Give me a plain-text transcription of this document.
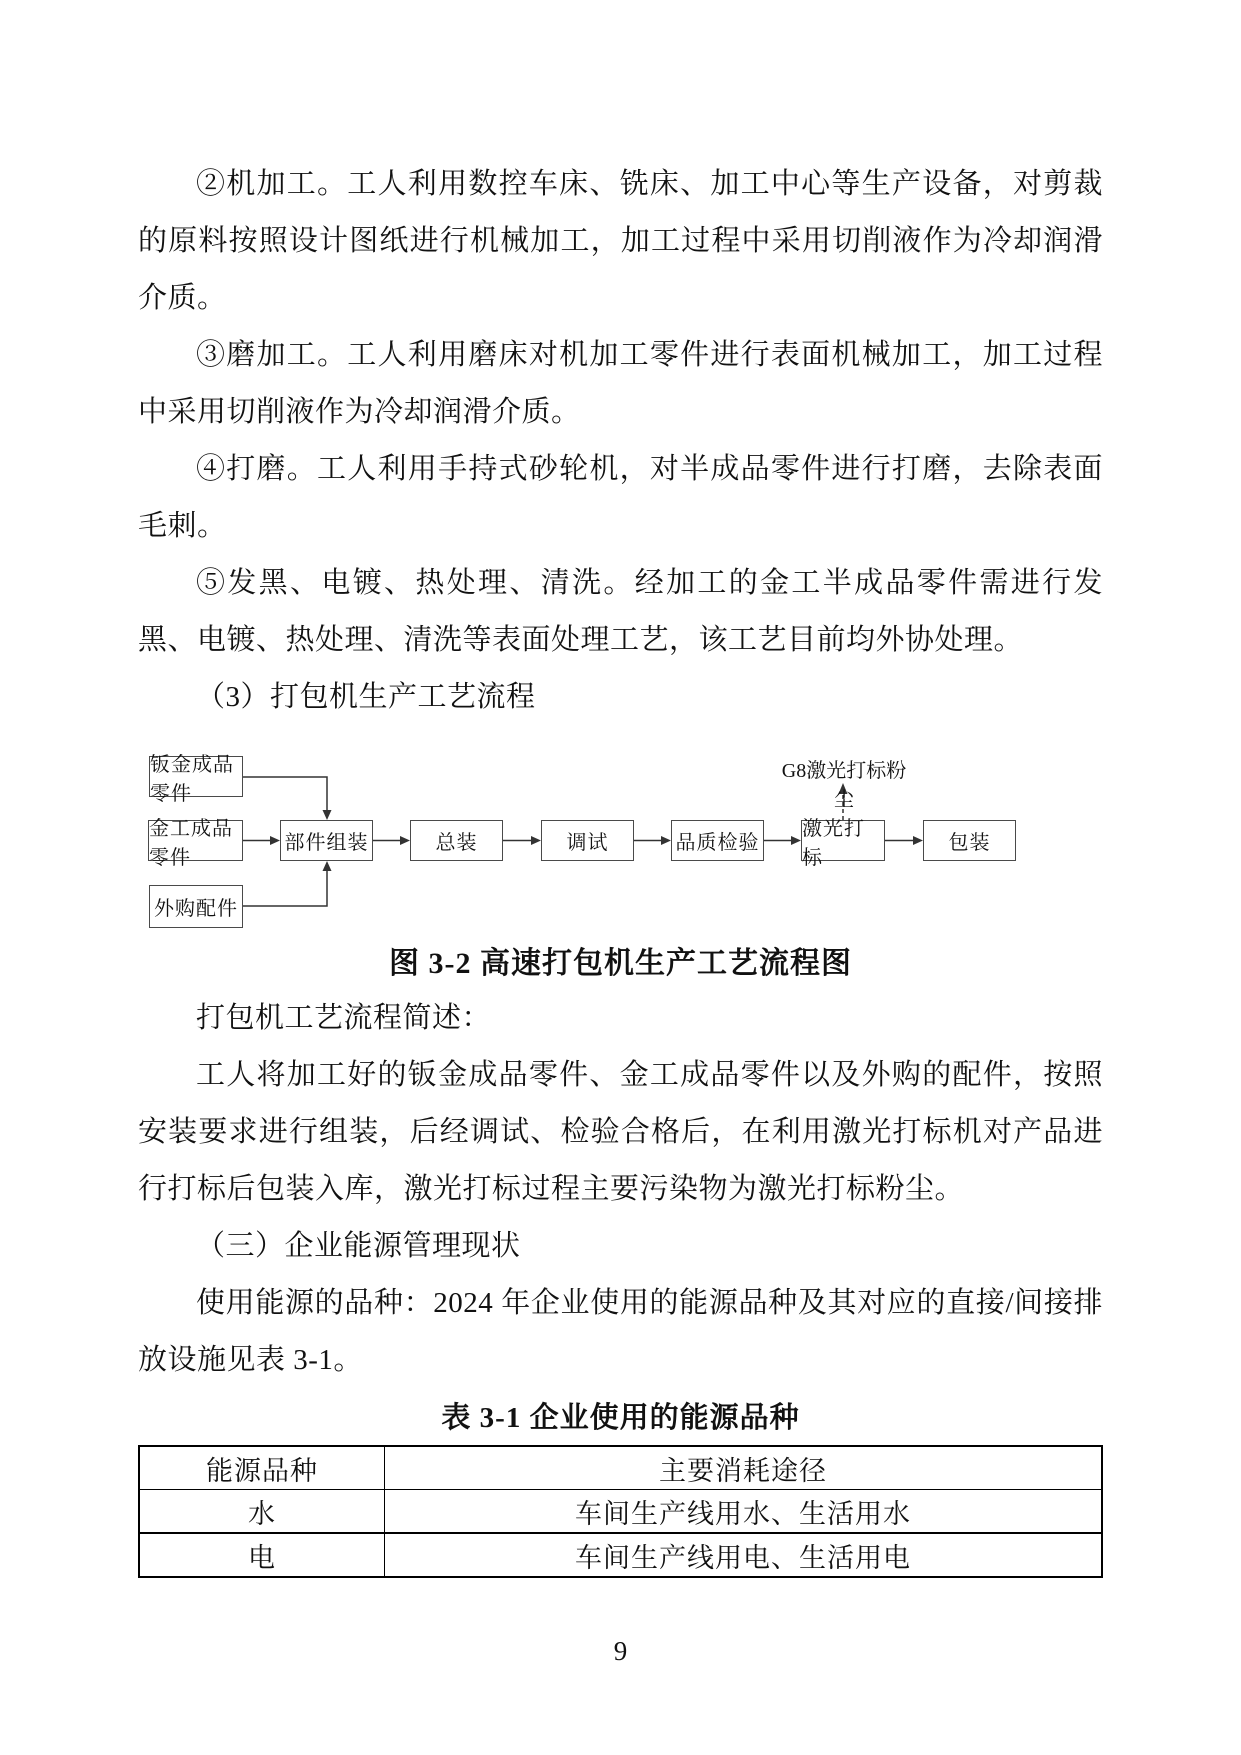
②机加工。工人利用数控车床、铣床、加工中心等生产设备，对剪裁的原料按照设计图纸进行机械加工，加工过程中采用切削液作为冷却润滑介质。

③磨加工。工人利用磨床对机加工零件进行表面机械加工，加工过程中采用切削液作为冷却润滑介质。

④打磨。工人利用手持式砂轮机，对半成品零件进行打磨，去除表面毛刺。

⑤发黑、电镀、热处理、清洗。经加工的金工半成品零件需进行发黑、电镀、热处理、清洗等表面处理工艺，该工艺目前均外协处理。

（3）打包机生产工艺流程

钣金成品零件
金工成品零件
外购配件
部件组装	总装	调试	品质检验
激光打标
包装
G8激光打标粉尘

图 3-2 高速打包机生产工艺流程图

打包机工艺流程简述：

工人将加工好的钣金成品零件、金工成品零件以及外购的配件，按照安装要求进行组装，后经调试、检验合格后，在利用激光打标机对产品进行打标后包装入库，激光打标过程主要污染物为激光打标粉尘。

（三）企业能源管理现状

使用能源的品种：2024 年企业使用的能源品种及其对应的直接/间接排放设施见表 3-1。

表 3-1 企业使用的能源品种

能源品种	主要消耗途径
水	车间生产线用水、生活用水
电	车间生产线用电、生活用电
9
